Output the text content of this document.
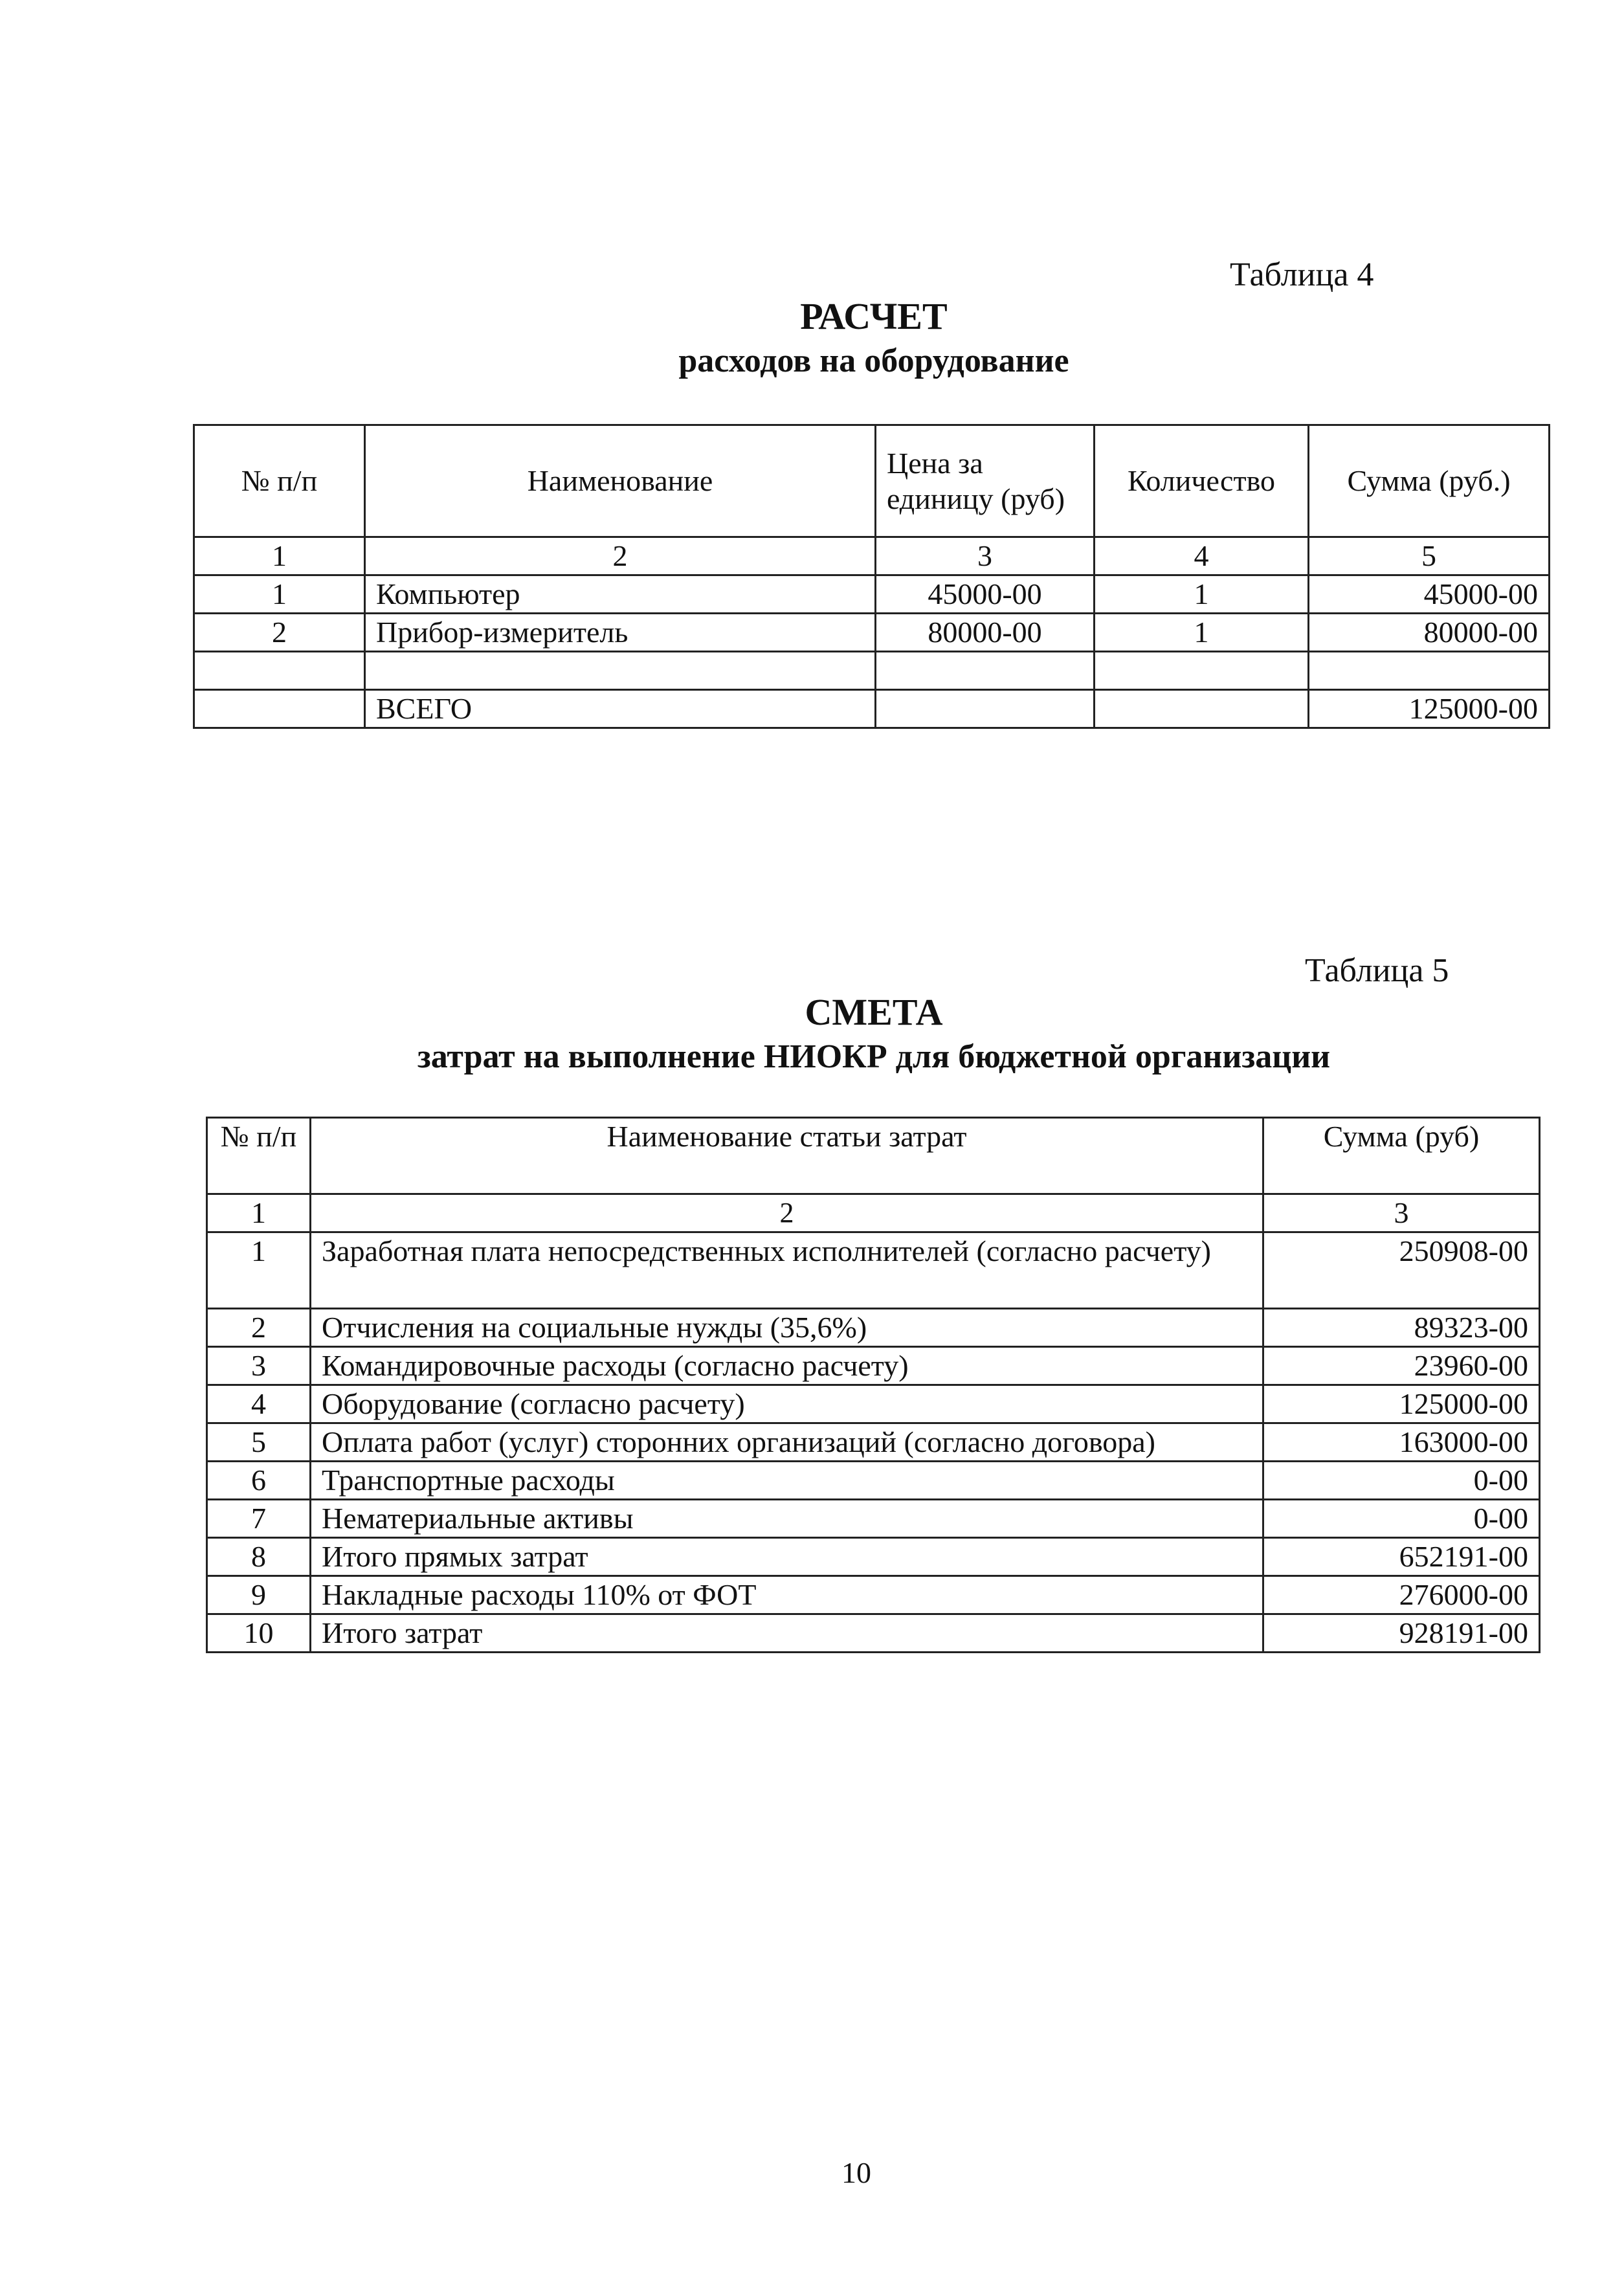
Таблица 4
РАСЧЕТ
расходов на оборудование
№ п/п	Наименование	Цена за единицу (руб)	Количество	Сумма (руб.)
1	2	3	4	5
1	Компьютер	45000-00	1	45000-00
2	Прибор-измеритель	80000-00	1	80000-00

	ВСЕГО			125000-00
Таблица 5
СМЕТА
затрат на выполнение НИОКР для бюджетной организации
№ п/п	Наименование статьи затрат	Сумма (руб)
1	2	3
1	Заработная плата непосредственных исполнителей (согласно расчету)	250908-00
2	Отчисления на социальные нужды (35,6%)	89323-00
3	Командировочные расходы (согласно расчету)	23960-00
4	Оборудование (согласно расчету)	125000-00
5	Оплата работ (услуг) сторонних организаций (согласно договора)	163000-00
6	Транспортные расходы	0-00
7	Нематериальные активы	0-00
8	Итого прямых затрат	652191-00
9	Накладные расходы 110% от ФОТ	276000-00
10	Итого затрат	928191-00
10
